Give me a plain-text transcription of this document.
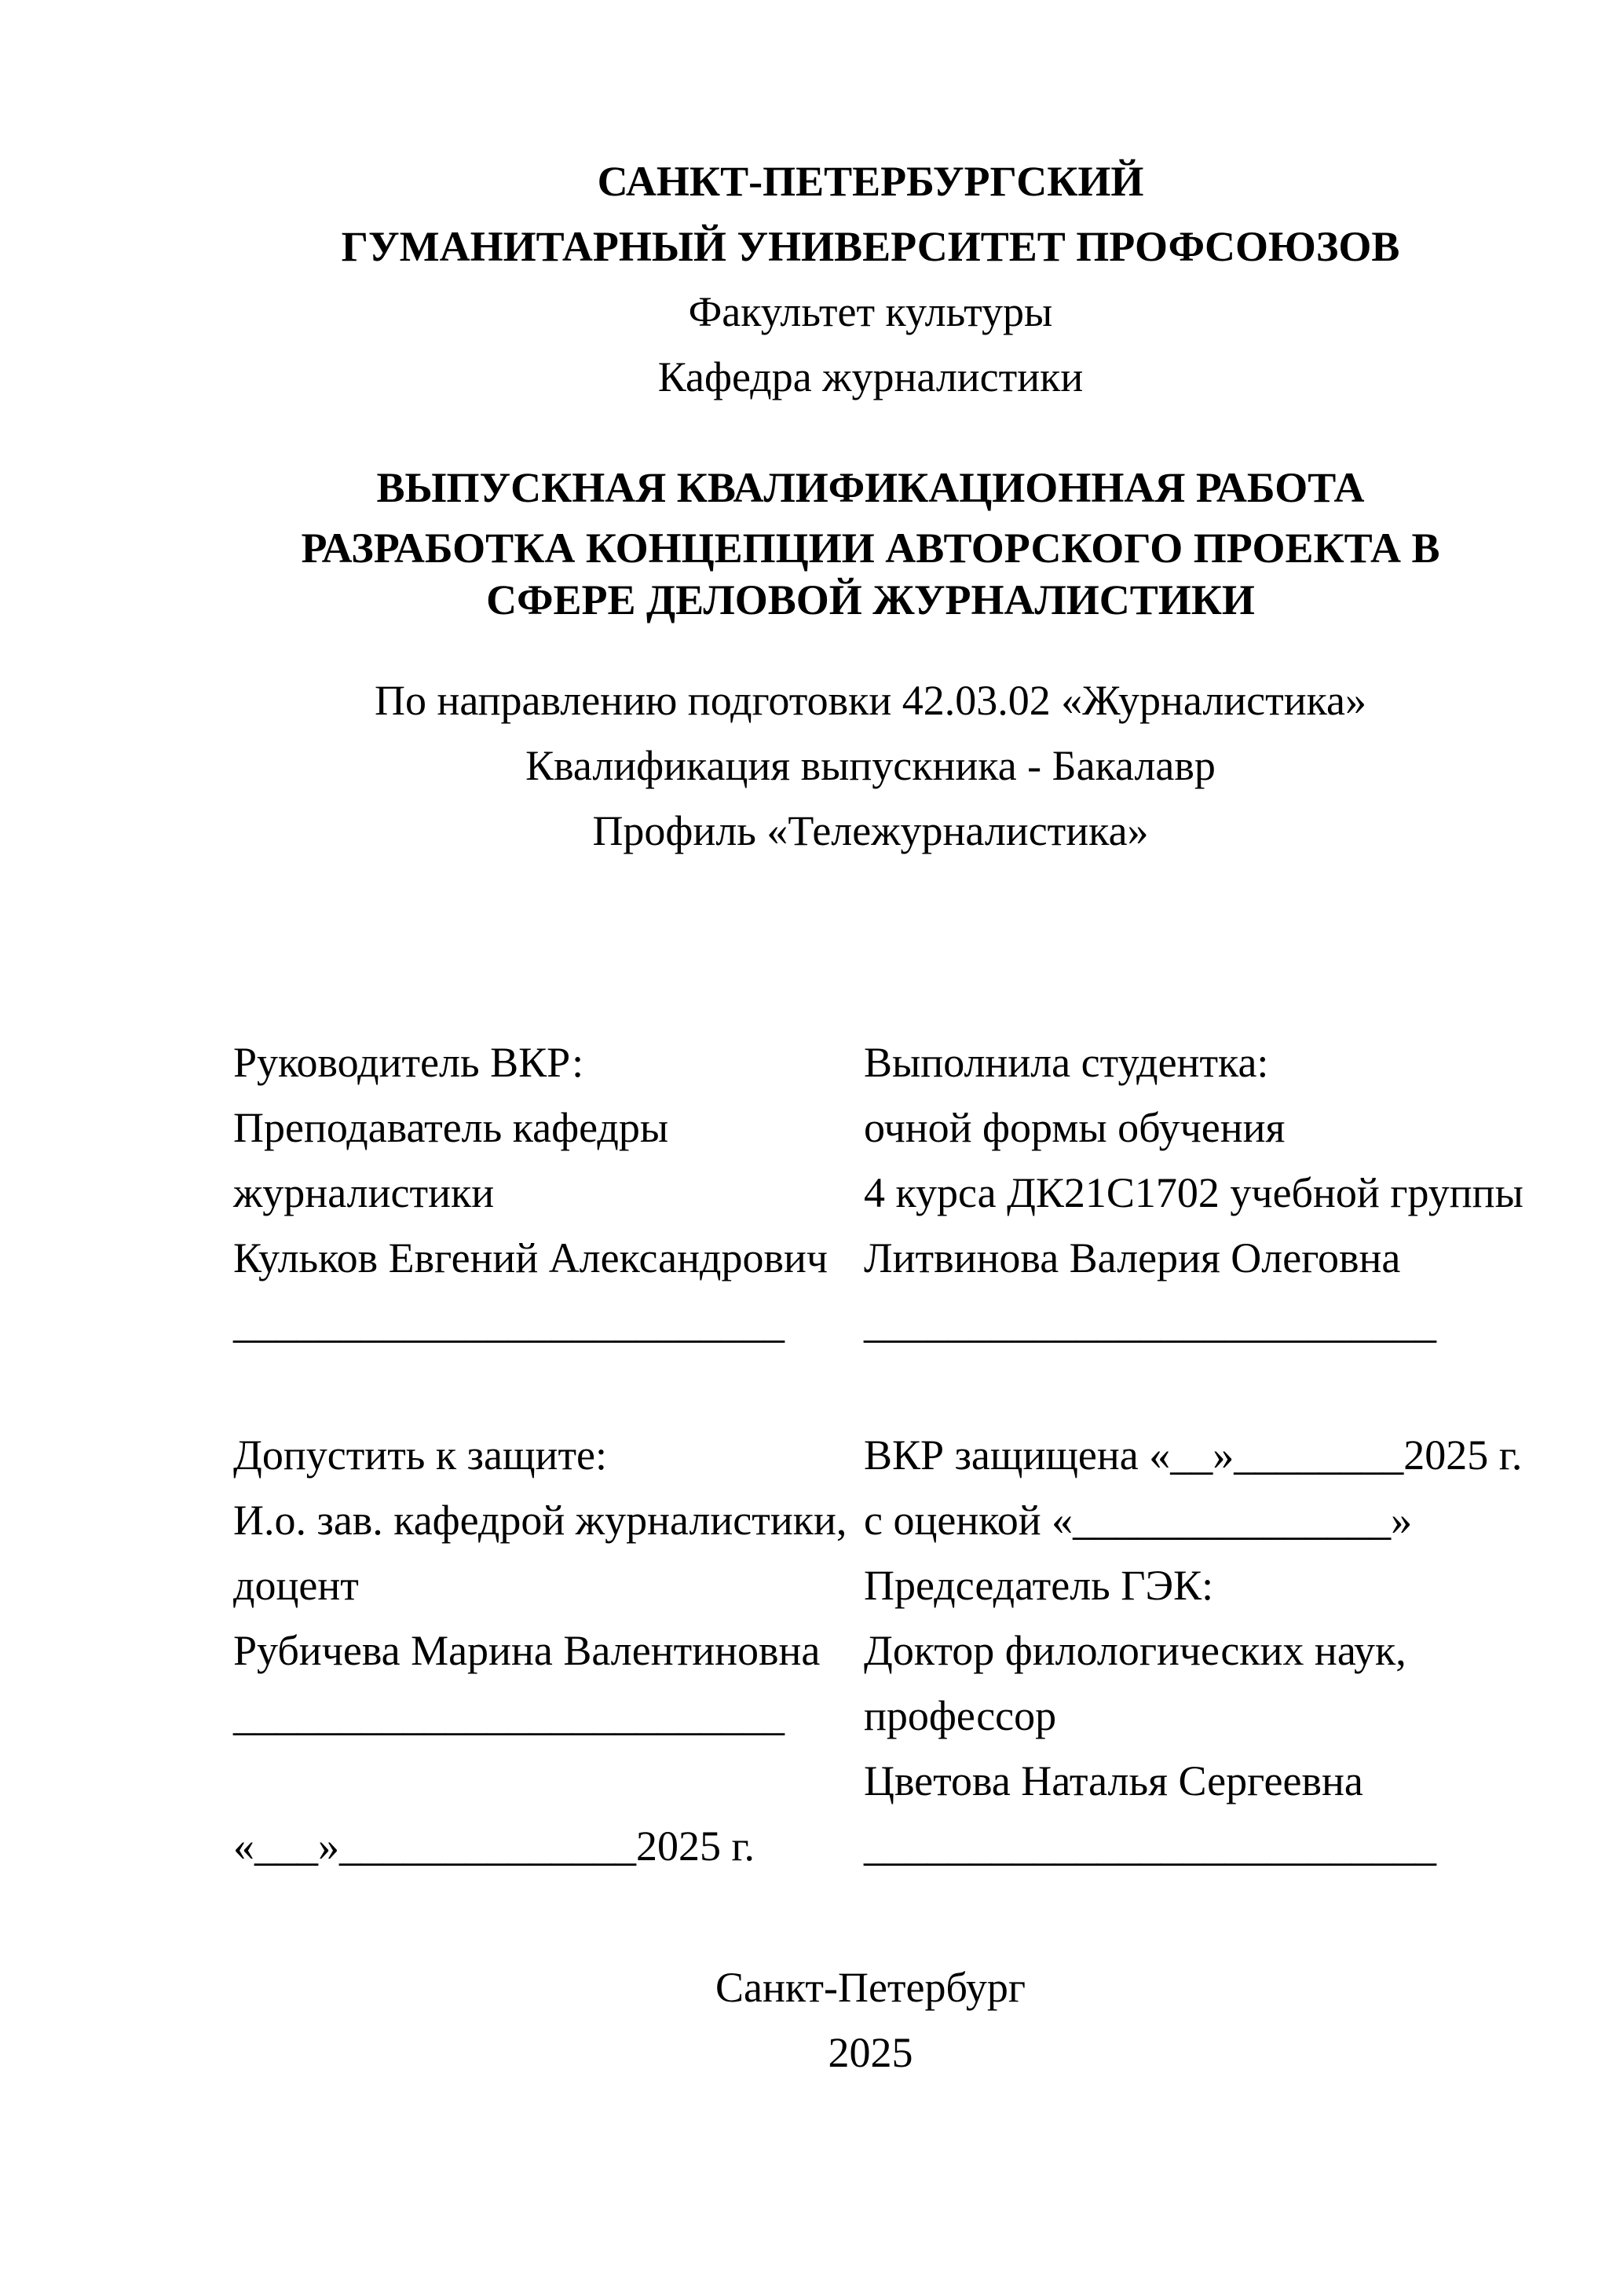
САНКТ-ПЕТЕРБУРГСКИЙ
ГУМАНИТАРНЫЙ УНИВЕРСИТЕТ ПРОФСОЮЗОВ
Факультет культуры
Кафедра журналистики
ВЫПУСКНАЯ КВАЛИФИКАЦИОННАЯ РАБОТА
РАЗРАБОТКА КОНЦЕПЦИИ АВТОРСКОГО ПРОЕКТА В СФЕРЕ ДЕЛОВОЙ ЖУРНАЛИСТИКИ
По направлению подготовки 42.03.02 «Журналистика»
Квалификация выпускника - Бакалавр
Профиль «Тележурналистика»
Руководитель ВКР:
Преподаватель кафедры
журналистики
Кульков Евгений Александрович
__________________________
Выполнила студентка:
очной формы обучения
4 курса ДК21С1702 учебной группы
Литвинова Валерия Олеговна
___________________________
Допустить к защите:
И.о. зав. кафедрой журналистики,
доцент
Рубичева Марина Валентиновна
__________________________
«___»______________2025 г.
ВКР защищена «__»________2025 г.
с оценкой «_______________»
Председатель ГЭК:
Доктор филологических наук,
профессор
Цветова Наталья Сергеевна
___________________________
Санкт-Петербург
2025
